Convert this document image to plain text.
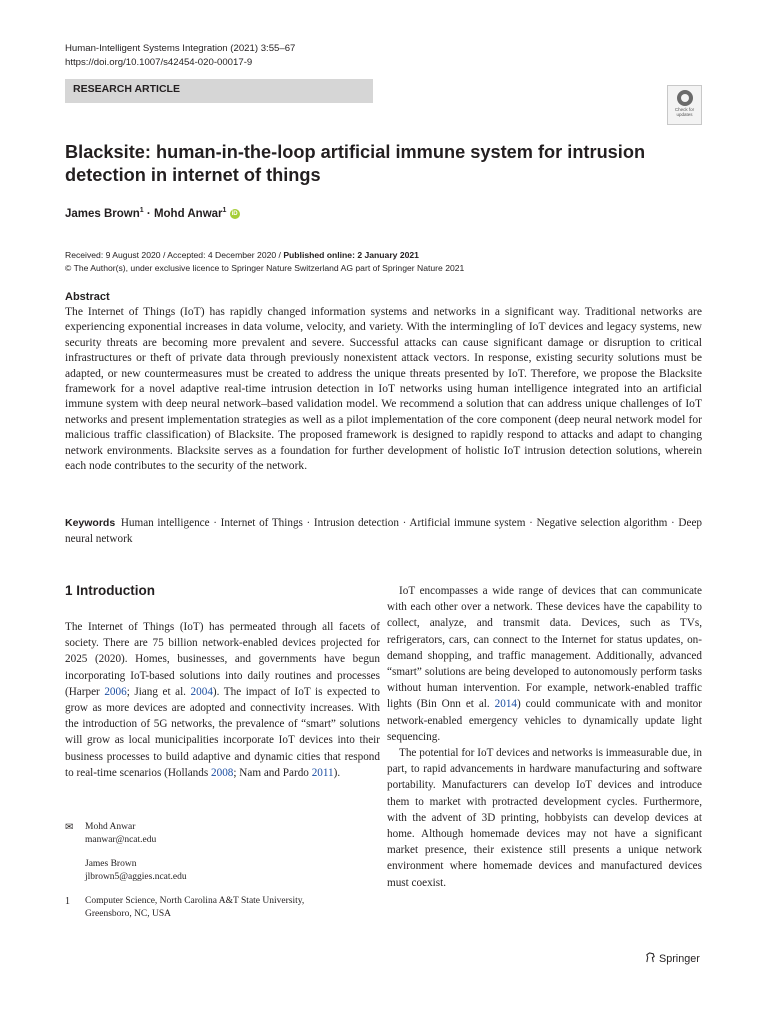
Human-Intelligent Systems Integration (2021) 3:55–67
https://doi.org/10.1007/s42454-020-00017-9
RESEARCH ARTICLE
Check for
updates
Blacksite: human-in-the-loop artificial immune system for intrusion detection in internet of things
James Brown$^1$ · Mohd Anwar$^1$ iD
Received: 9 August 2020 / Accepted: 4 December 2020 / Published online: 2 January 2021
© The Author(s), under exclusive licence to Springer Nature Switzerland AG part of Springer Nature 2021
Abstract
The Internet of Things (IoT) has rapidly changed information systems and networks in a significant way. Traditional networks are experiencing exponential increases in data volume, velocity, and variety. With the intermingling of IoT devices and legacy systems, new security threats are becoming more prevalent and severe. Successful attacks can cause significant damage or disruption to critical infrastructures or theft of private data through previously nonexistent attack vectors. In response, existing security solutions must be adapted, or new countermeasures must be created to address the unique threats presented by IoT. Therefore, we propose the Blacksite framework for a novel adaptive real-time intrusion detection in IoT networks using human intelligence integrated into an artificial immune system with deep neural network–based validation model. We recommend a solution that can address unique challenges of IoT networks and present implementation strategies as well as a pilot implementation of the core component (deep neural network model for malicious traffic classification) of Blacksite. The proposed framework is designed to rapidly respond to attacks and adapt to changing network environments. Blacksite serves as a foundation for further development of holistic IoT intrusion detection solutions, wherein each node contributes to the security of the network.
Keywords Human intelligence · Internet of Things · Intrusion detection · Artificial immune system · Negative selection algorithm · Deep neural network
1 Introduction

The Internet of Things (IoT) has permeated through all facets of society. There are 75 billion network-enabled devices projected for 2025 (2020). Homes, businesses, and governments have begun incorporating IoT-based solutions into daily routines and processes (Harper 2006; Jiang et al. 2004). The impact of IoT is expected to grow as more devices are adopted and connectivity increases. With the introduction of 5G networks, the prevalence of “smart” solutions will grow as local municipalities incorporate IoT devices into their business processes to build adaptive and dynamic cities that respond to real-time scenarios (Hollands 2008; Nam and Pardo 2011).

IoT encompasses a wide range of devices that can communicate with each other over a network. These devices have the capability to collect, analyze, and transmit data. Devices, such as TVs, refrigerators, cars, can connect to the Internet for status updates, on-demand shopping, and traffic management. Additionally, advanced “smart” solutions are being developed to autonomously perform tasks without human intervention. For example, network-enabled traffic lights (Bin Onn et al. 2014) could communicate with and monitor network-enabled emergency vehicles to dynamically update light sequencing.

The potential for IoT devices and networks is immeasurable due, in part, to rapid advancements in hardware manufacturing and software portability. Manufacturers can develop IoT devices and introduce them to market with protracted development cycles. Furthermore, with the advent of 3D printing, hobbyists can develop devices at home. Although homemade devices may not have a significant market presence, their existence still presents a unique network environment where homemade devices and manufactured devices must coexist.

✉ Mohd Anwar
manwar@ncat.edu
James Brown
jlbrown5@aggies.ncat.edu
1 Computer Science, North Carolina A&T State University,
Greensboro, NC, USA
Springer
